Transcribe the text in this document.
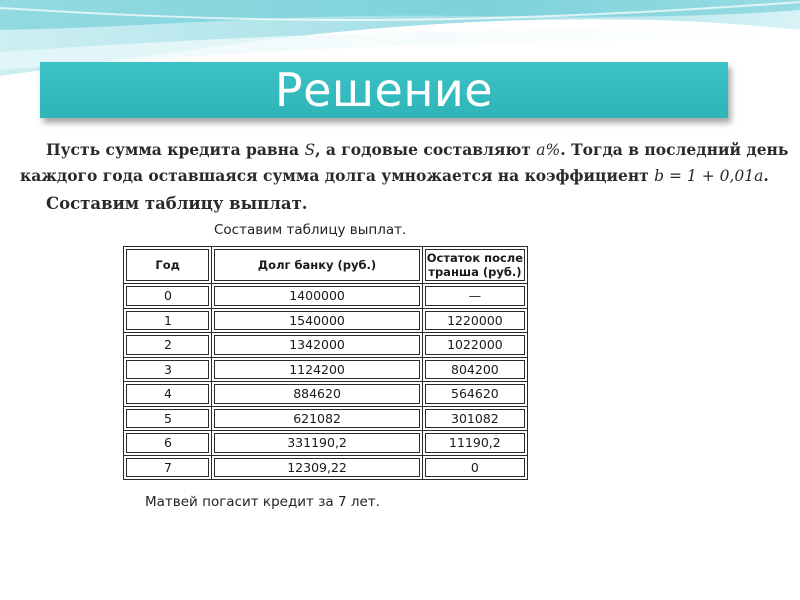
Решение
Пусть сумма кредита равна S, а годовые составляют a%. Тогда в последний день
каждого года оставшаяся сумма долга умножается на коэффициент b = 1 + 0,01a.
Составим таблицу выплат.
Составим таблицу выплат.
Год	Долг банку (руб.)	Остаток после транша (руб.)
0	1400000	—
1	1540000	1220000
2	1342000	1022000
3	1124200	804200
4	884620	564620
5	621082	301082
6	331190,2	11190,2
7	12309,22	0
Матвей погасит кредит за 7 лет.
